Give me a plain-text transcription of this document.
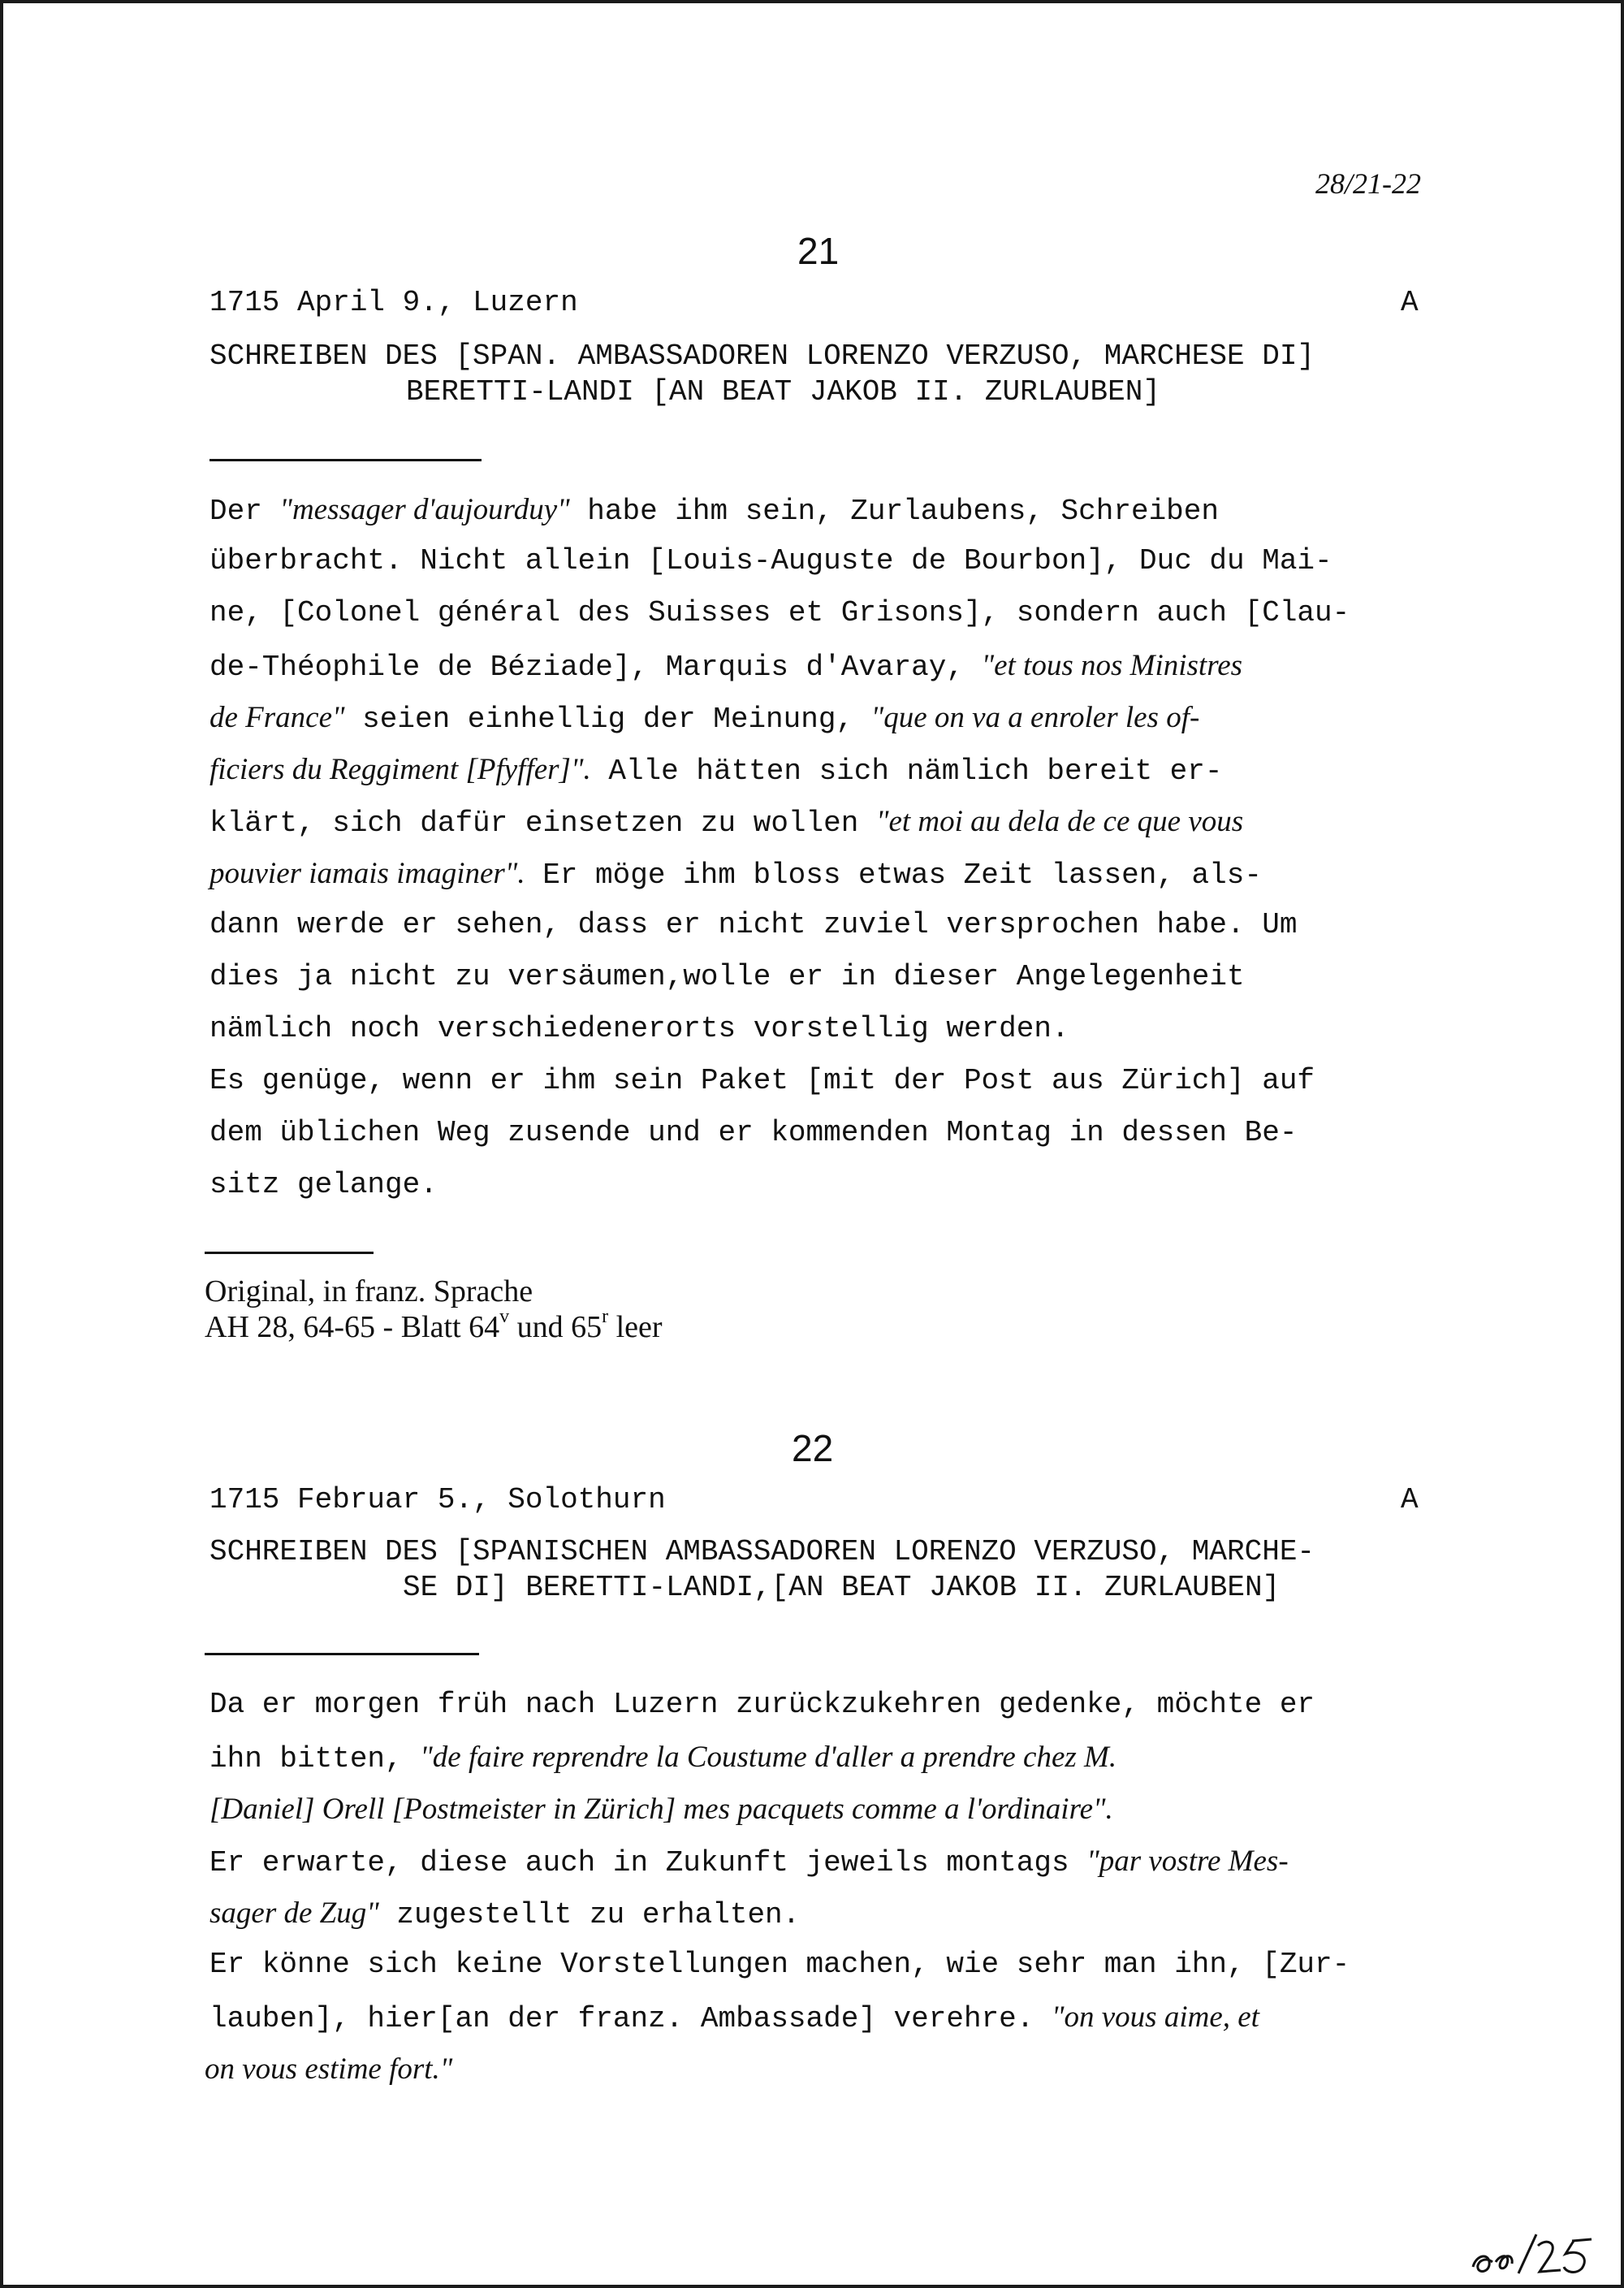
28/21-22
21
1715 April 9., Luzern	A
SCHREIBEN DES [SPAN. AMBASSADOREN LORENZO VERZUSO, MARCHESE DI]
BERETTI-LANDI [AN BEAT JAKOB II. ZURLAUBEN]
Der "messager d'aujourduy" habe ihm sein, Zurlaubens, Schreiben
überbracht. Nicht allein [Louis-Auguste de Bourbon], Duc du Mai-
ne, [Colonel général des Suisses et Grisons], sondern auch [Clau-
de-Théophile de Béziade], Marquis d'Avaray, "et tous nos Ministres
de France" seien einhellig der Meinung, "que on va a enroler les of-
ficiers du Reggiment [Pfyffer]". Alle hätten sich nämlich bereit er-
klärt, sich dafür einsetzen zu wollen "et moi au dela de ce que vous
pouvier iamais imaginer". Er möge ihm bloss etwas Zeit lassen, als-
dann werde er sehen, dass er nicht zuviel versprochen habe. Um
dies ja nicht zu versäumen,wolle er in dieser Angelegenheit
nämlich noch verschiedenerorts vorstellig werden.
Es genüge, wenn er ihm sein Paket [mit der Post aus Zürich] auf
dem üblichen Weg zusende und er kommenden Montag in dessen Be-
sitz gelange.
Original, in franz. Sprache
AH 28, 64-65 - Blatt 64$^v$ und 65$^r$ leer
22
1715 Februar 5., Solothurn	A
SCHREIBEN DES [SPANISCHEN AMBASSADOREN LORENZO VERZUSO, MARCHE-
SE DI] BERETTI-LANDI,[AN BEAT JAKOB II. ZURLAUBEN]
Da er morgen früh nach Luzern zurückzukehren gedenke, möchte er
ihn bitten, "de faire reprendre la Coustume d'aller a prendre chez M.
[Daniel] Orell [Postmeister in Zürich] mes pacquets comme a l'ordinaire".
Er erwarte, diese auch in Zukunft jeweils montags "par vostre Mes-
sager de Zug" zugestellt zu erhalten.
Er könne sich keine Vorstellungen machen, wie sehr man ihn, [Zur-
lauben], hier[an der franz. Ambassade] verehre. "on vous aime, et
on vous estime fort."
